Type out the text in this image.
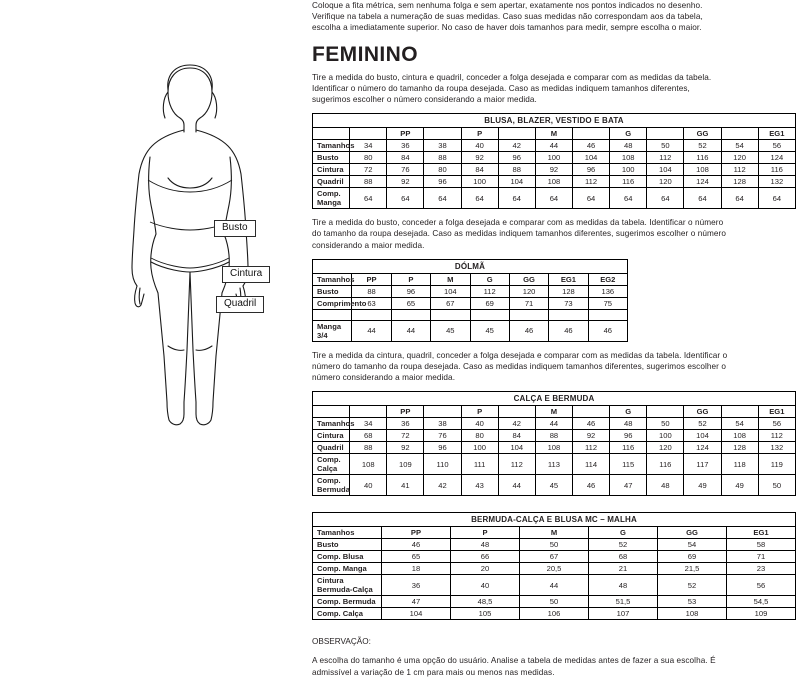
Busto
Cintura
Quadril

Coloque a fita métrica, sem nenhuma folga e sem apertar, exatamente nos pontos indicados no desenho.
Verifique na tabela a numeração de suas medidas. Caso suas medidas não correspondam aos da tabela,
escolha a imediatamente superior. No caso de haver dois tamanhos para medir, sempre escolha o maior.

FEMININO

Tire a medida do busto, cintura e quadril, conceder a folga desejada e comparar com as medidas da tabela.
Identificar o número do tamanho da roupa desejada. Caso as medidas indiquem tamanhos diferentes,
sugerimos escolher o número considerando a maior medida.

BLUSA, BLAZER, VESTIDO E BATA
		PP		P		M		G		GG		EG1
Tamanhos	34	36	38	40	42	44	46	48	50	52	54	56
Busto	80	84	88	92	96	100	104	108	112	116	120	124
Cintura	72	76	80	84	88	92	96	100	104	108	112	116
Quadril	88	92	96	100	104	108	112	116	120	124	128	132
Comp. Manga	64	64	64	64	64	64	64	64	64	64	64	64

Tire a medida do busto, conceder a folga desejada e comparar com as medidas da tabela. Identificar o número
do tamanho da roupa desejada. Caso as medidas indiquem tamanhos diferentes, sugerimos escolher o número
considerando a maior medida.

DÓLMÃ
Tamanhos	PP	P	M	G	GG	EG1	EG2
Busto	88	96	104	112	120	128	136
Comprimento	63	65	67	69	71	73	75

Manga 3/4	44	44	45	45	46	46	46

Tire a medida da cintura, quadril, conceder a folga desejada e comparar com as medidas da tabela. Identificar o
número do tamanho da roupa desejada. Caso as medidas indiquem tamanhos diferentes, sugerimos escolher o
número considerando a maior medida.

CALÇA E BERMUDA
		PP		P		M		G		GG		EG1
Tamanhos	34	36	38	40	42	44	46	48	50	52	54	56
Cintura	68	72	76	80	84	88	92	96	100	104	108	112
Quadril	88	92	96	100	104	108	112	116	120	124	128	132
Comp. Calça	108	109	110	111	112	113	114	115	116	117	118	119
Comp. Bermuda	40	41	42	43	44	45	46	47	48	49	49	50
BERMUDA-CALÇA E BLUSA MC – MALHA
Tamanhos	PP	P	M	G	GG	EG1
Busto	46	48	50	52	54	58
Comp. Blusa	65	66	67	68	69	71
Comp. Manga	18	20	20,5	21	21,5	23
Cintura Bermuda-Calça	36	40	44	48	52	56
Comp. Bermuda	47	48,5	50	51,5	53	54,5
Comp. Calça	104	105	106	107	108	109

OBSERVAÇÃO:

A escolha do tamanho é uma opção do usuário. Analise a tabela de medidas antes de fazer a sua escolha. É
admissível a variação de 1 cm para mais ou menos nas medidas.
